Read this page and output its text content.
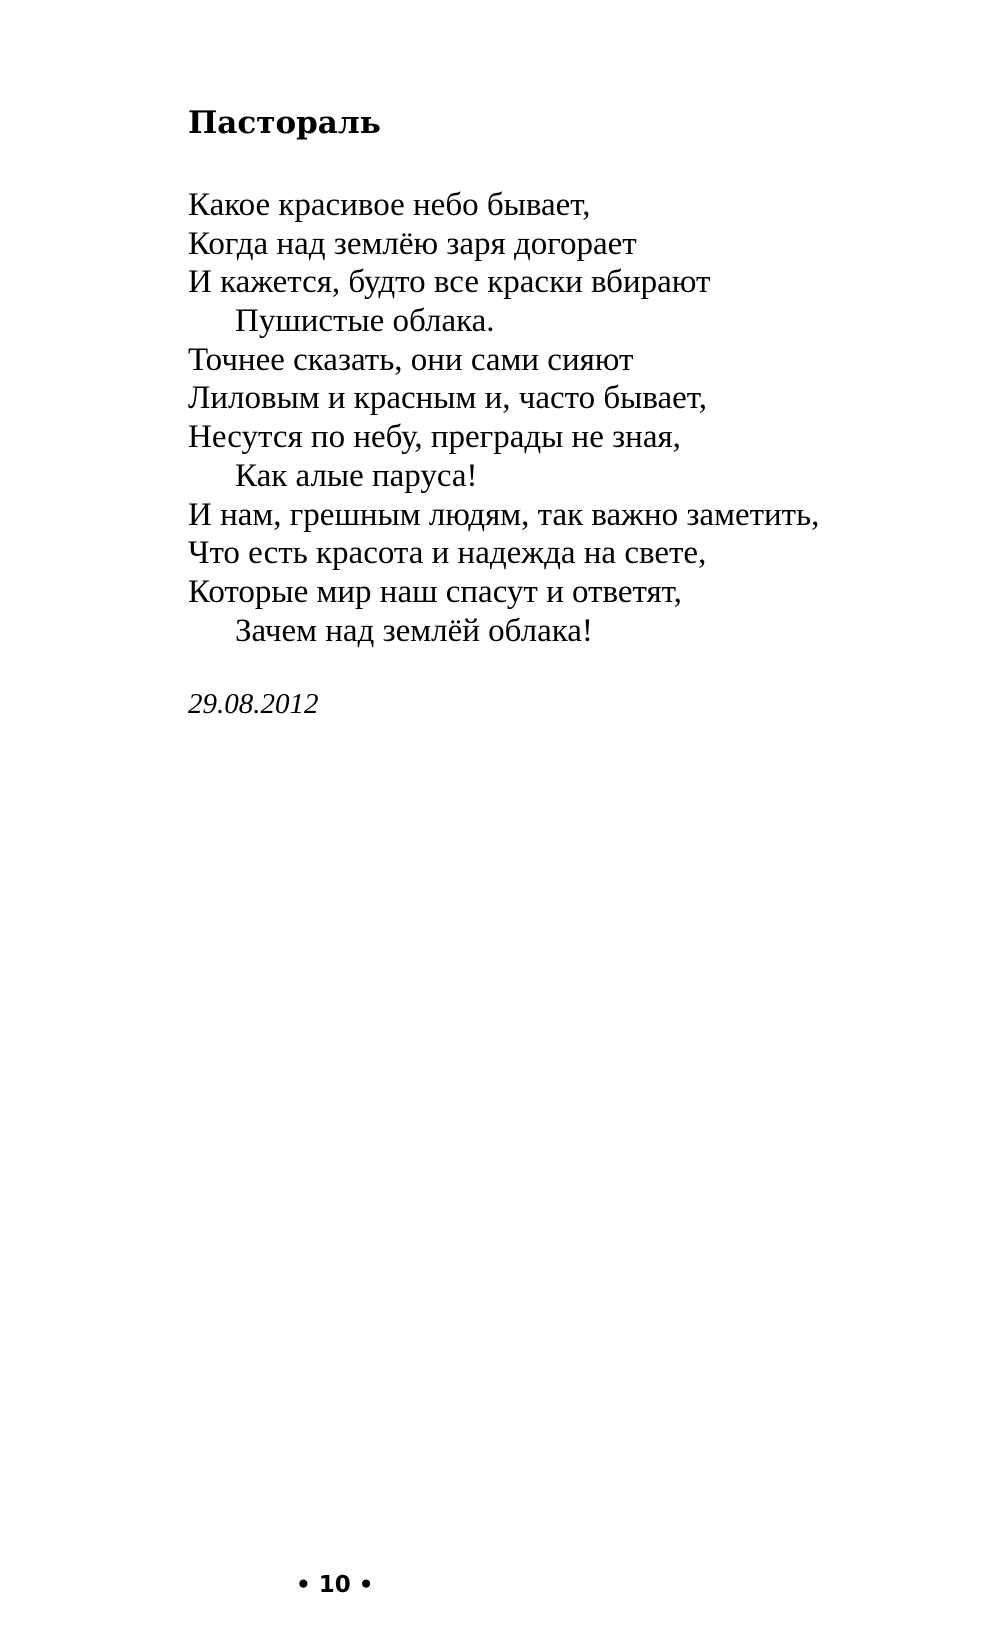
Пасторaль

Какое красивое небо бывает,

Когда над землёю заря догорает

И кажется, будто все краски вбирают

Пушистые облака.

Точнее сказать, они сами сияют

Лиловым и красным и, часто бывает,

Несутся по небу, преграды не зная,

Как алые паруса!

И нам, грешным людям, так важно заметить,

Что есть красота и надежда на свете,

Которые мир наш спасут и ответят,

Зачем над землёй облака!

29.08.2012

• 10 •
